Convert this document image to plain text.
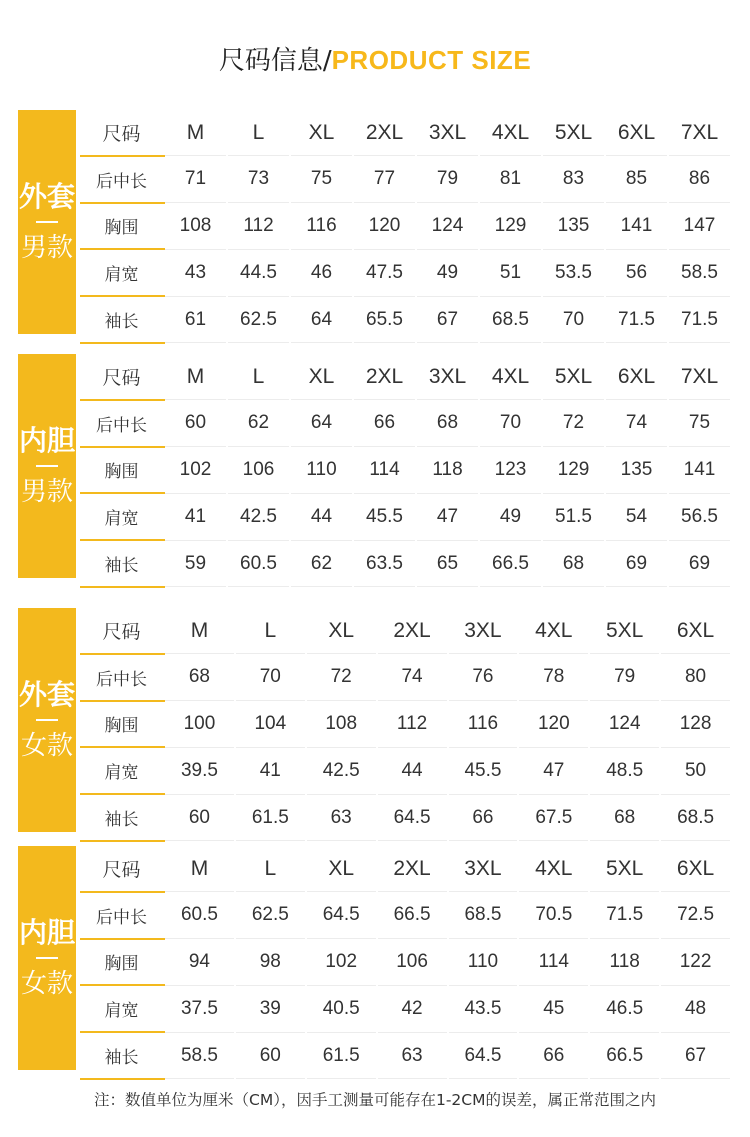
尺码信息/PRODUCT SIZE
外套
男款
尺码	M	L	XL	2XL	3XL	4XL	5XL	6XL	7XL
后中长	71	73	75	77	79	81	83	85	86
胸围	108	112	116	120	124	129	135	141	147
肩宽	43	44.5	46	47.5	49	51	53.5	56	58.5
袖长	61	62.5	64	65.5	67	68.5	70	71.5	71.5
内胆
男款
尺码	M	L	XL	2XL	3XL	4XL	5XL	6XL	7XL
后中长	60	62	64	66	68	70	72	74	75
胸围	102	106	110	114	118	123	129	135	141
肩宽	41	42.5	44	45.5	47	49	51.5	54	56.5
袖长	59	60.5	62	63.5	65	66.5	68	69	69
外套
女款
尺码	M	L	XL	2XL	3XL	4XL	5XL	6XL
后中长	68	70	72	74	76	78	79	80
胸围	100	104	108	112	116	120	124	128
肩宽	39.5	41	42.5	44	45.5	47	48.5	50
袖长	60	61.5	63	64.5	66	67.5	68	68.5
内胆
女款
尺码	M	L	XL	2XL	3XL	4XL	5XL	6XL
后中长	60.5	62.5	64.5	66.5	68.5	70.5	71.5	72.5
胸围	94	98	102	106	110	114	118	122
肩宽	37.5	39	40.5	42	43.5	45	46.5	48
袖长	58.5	60	61.5	63	64.5	66	66.5	67
注：数值单位为厘米（CM），因手工测量可能存在1-2CM的误差，属正常范围之内
